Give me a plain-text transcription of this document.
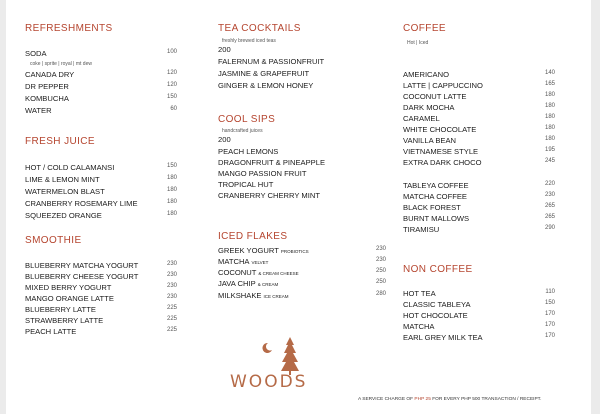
REFRESHMENTS
SODA	100
coke | sprite | royal | mt dew
CANADA DRY	120
DR PEPPER	120
KOMBUCHA	150
WATER	60
FRESH JUICE
HOT / COLD CALAMANSI	150
LIME & LEMON MINT	180
WATERMELON BLAST	180
CRANBERRY ROSEMARY LIME	180
SQUEEZED ORANGE	180
SMOOTHIE
BLUEBERRY MATCHA YOGURT	230
BLUEBERRY CHEESE YOGURT	230
MIXED BERRY YOGURT	230
MANGO ORANGE LATTE	230
BLUEBERRY LATTE	225
STRAWBERRY LATTE	225
PEACH LATTE	225
TEA COCKTAILS
freshly brewed iced teas
200
FALERNUM & PASSIONFRUIT
JASMINE & GRAPEFRUIT
GINGER & LEMON HONEY
COOL SIPS
handcrafted juices
200
PEACH LEMONS
DRAGONFRUIT & PINEAPPLE
MANGO PASSION FRUIT
TROPICAL HUT
CRANBERRY CHERRY MINT
ICED FLAKES
GREEK YOGURT PROBIOTICS	230
MATCHA VELVET	230
COCONUT & CREAM CHEESE	250
JAVA CHIP & CREAM	250
MILKSHAKE ICE CREAM	280
COFFEE
Hot | Iced
AMERICANO	140
LATTE | CAPPUCCINO	165
COCONUT LATTE	180
DARK MOCHA	180
CARAMEL	180
WHITE CHOCOLATE	180
VANILLA BEAN	180
VIETNAMESE STYLE	195
EXTRA DARK CHOCO	245
TABLEYA COFFEE	220
MATCHA COFFEE	230
BLACK FOREST	265
BURNT MALLOWS	265
TIRAMISU	290
NON COFFEE
HOT TEA	110
CLASSIC TABLEYA	150
HOT CHOCOLATE	170
MATCHA	170
EARL GREY MILK TEA	170
WOODS
A SERVICE CHARGE OF PHP 25 FOR EVERY PHP 500 TRANSACTION / RECEIPT.
